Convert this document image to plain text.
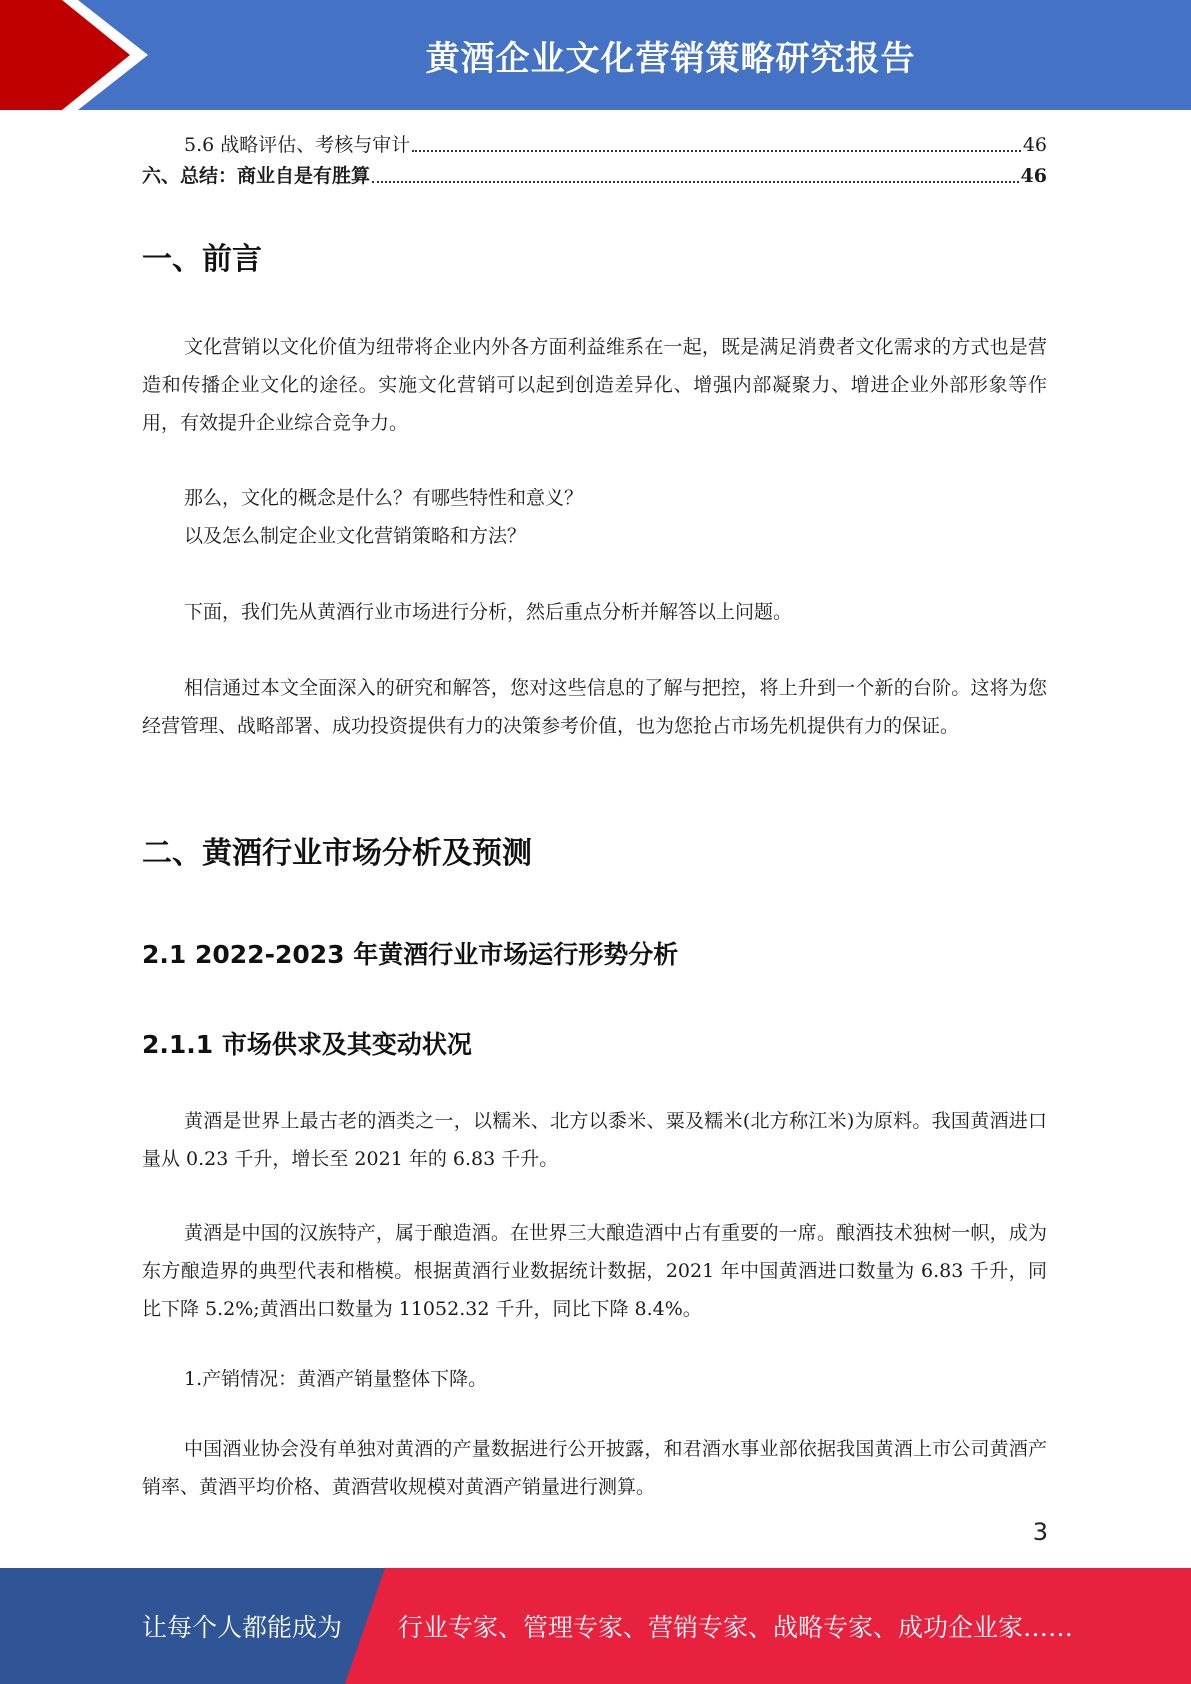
黄酒企业文化营销策略研究报告
5.6 战略评估、考核与审计	46
六、总结：商业自是有胜算	46
一、前言

文化营销以文化价值为纽带将企业内外各方面利益维系在一起，既是满足消费者文化需求的方式也是营造和传播企业文化的途径。实施文化营销可以起到创造差异化、增强内部凝聚力、增进企业外部形象等作用，有效提升企业综合竞争力。

那么，文化的概念是什么？有哪些特性和意义？

以及怎么制定企业文化营销策略和方法？

下面，我们先从黄酒行业市场进行分析，然后重点分析并解答以上问题。

相信通过本文全面深入的研究和解答，您对这些信息的了解与把控，将上升到一个新的台阶。这将为您经营管理、战略部署、成功投资提供有力的决策参考价值，也为您抢占市场先机提供有力的保证。

二、黄酒行业市场分析及预测
2.1 2022-2023 年黄酒行业市场运行形势分析
2.1.1 市场供求及其变动状况

黄酒是世界上最古老的酒类之一，以糯米、北方以黍米、粟及糯米(北方称江米)为原料。我国黄酒进口量从 0.23 千升，增长至 2021 年的 6.83 千升。

黄酒是中国的汉族特产，属于酿造酒。在世界三大酿造酒中占有重要的一席。酿酒技术独树一帜，成为东方酿造界的典型代表和楷模。根据黄酒行业数据统计数据，2021 年中国黄酒进口数量为 6.83 千升，同比下降 5.2%;黄酒出口数量为 11052.32 千升，同比下降 8.4%。

1.产销情况：黄酒产销量整体下降。

中国酒业协会没有单独对黄酒的产量数据进行公开披露，和君酒水事业部依据我国黄酒上市公司黄酒产销率、黄酒平均价格、黄酒营收规模对黄酒产销量进行测算。

3
让每个人都能成为 行业专家、管理专家、营销专家、战略专家、成功企业家……
